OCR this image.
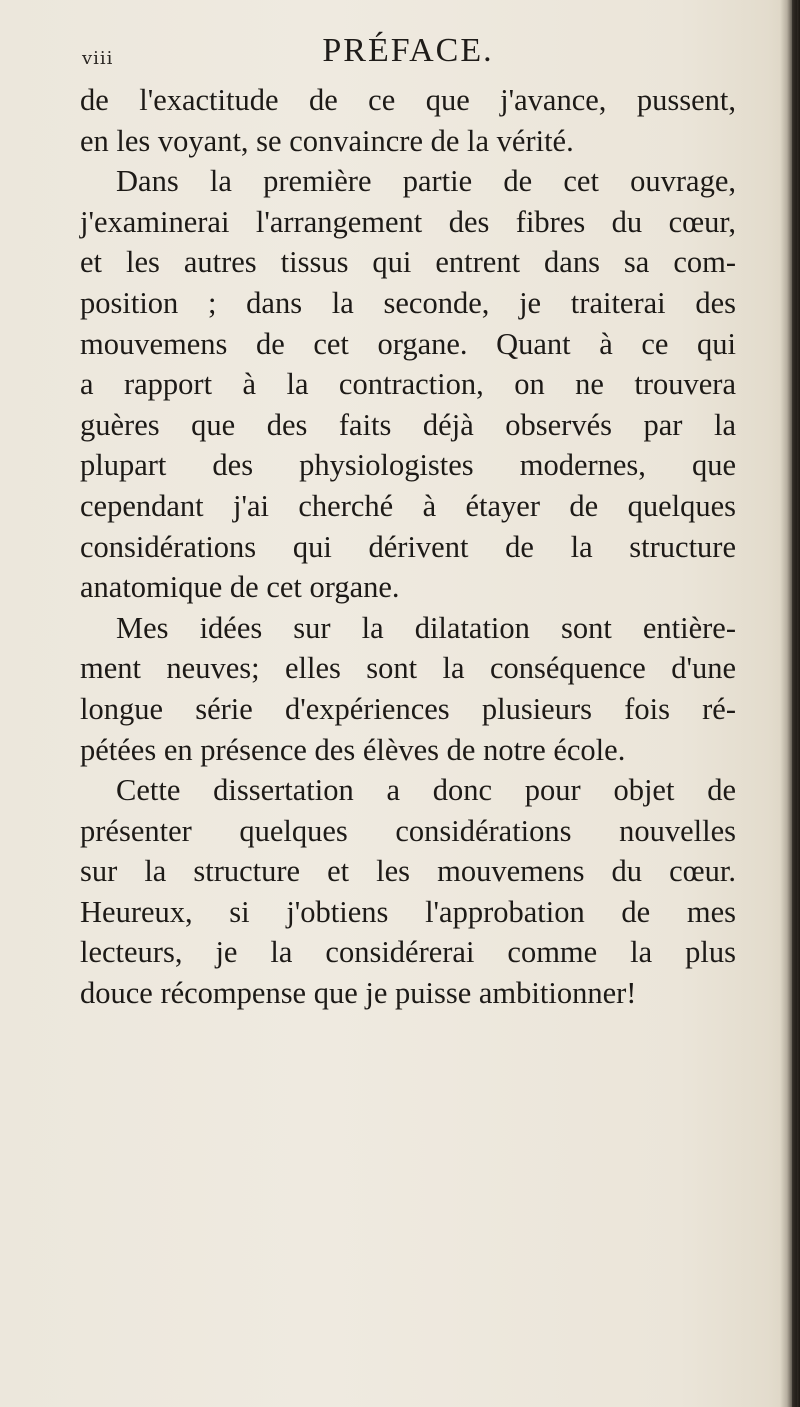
viii	PRÉFACE.
de l'exactitude de ce que j'avance, pussent,
en les voyant, se convaincre de la vérité.
Dans la première partie de cet ouvrage,
j'examinerai l'arrangement des fibres du cœur,
et les autres tissus qui entrent dans sa com-
position ; dans la seconde, je traiterai des
mouvemens de cet organe. Quant à ce qui
a rapport à la contraction, on ne trouvera
guères que des faits déjà observés par la
plupart des physiologistes modernes, que
cependant j'ai cherché à étayer de quelques
considérations qui dérivent de la structure
anatomique de cet organe.
Mes idées sur la dilatation sont entière-
ment neuves; elles sont la conséquence d'une
longue série d'expériences plusieurs fois ré-
pétées en présence des élèves de notre école.
Cette dissertation a donc pour objet de
présenter quelques considérations nouvelles
sur la structure et les mouvemens du cœur.
Heureux, si j'obtiens l'approbation de mes
lecteurs, je la considérerai comme la plus
douce récompense que je puisse ambitionner!
